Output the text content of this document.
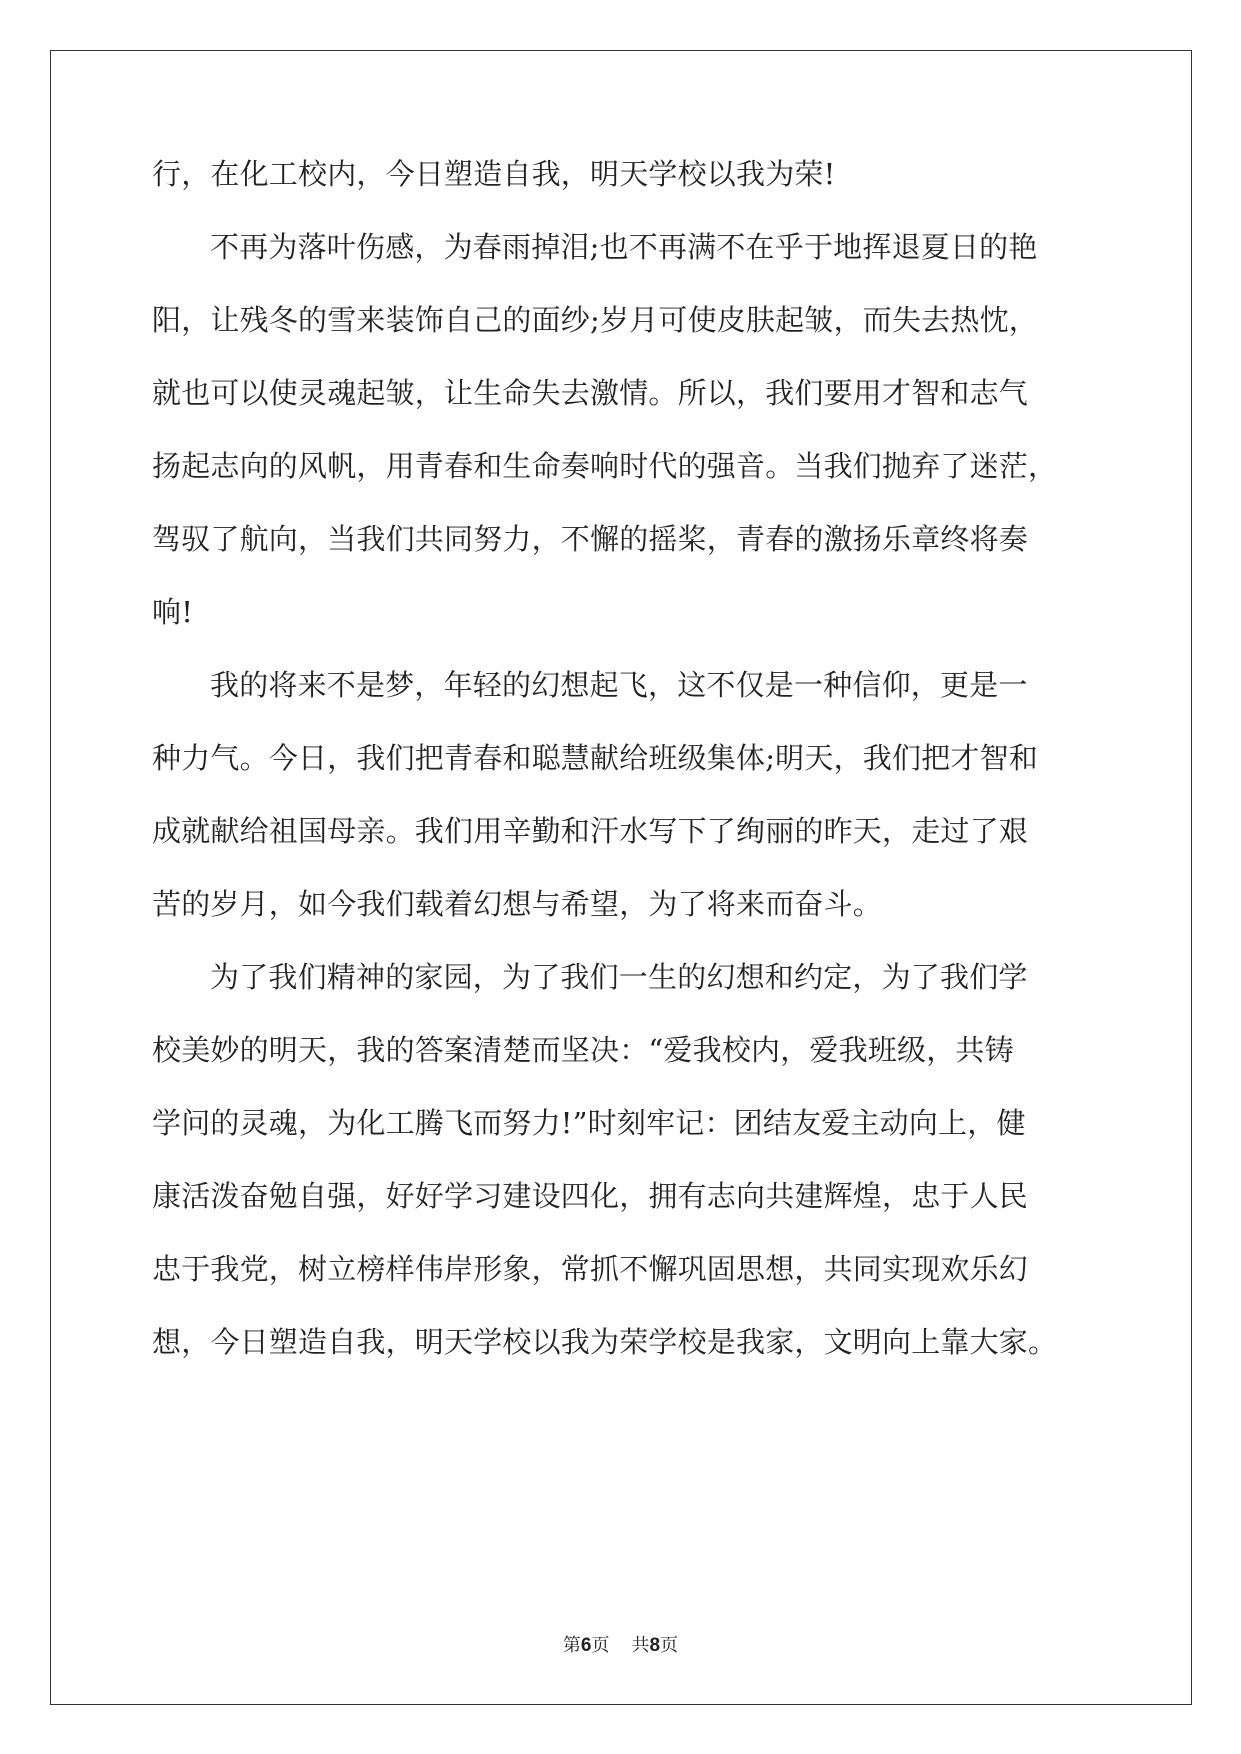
行，在化工校内，今日塑造自我，明天学校以我为荣!
不再为落叶伤感，为春雨掉泪;也不再满不在乎于地挥退夏日的艳
阳，让残冬的雪来装饰自己的面纱;岁月可使皮肤起皱，而失去热忱，
就也可以使灵魂起皱，让生命失去激情。所以，我们要用才智和志气
扬起志向的风帆，用青春和生命奏响时代的强音。当我们抛弃了迷茫，
驾驭了航向，当我们共同努力，不懈的摇桨，青春的激扬乐章终将奏
响!
我的将来不是梦，年轻的幻想起飞，这不仅是一种信仰，更是一
种力气。今日，我们把青春和聪慧献给班级集体;明天，我们把才智和
成就献给祖国母亲。我们用辛勤和汗水写下了绚丽的昨天，走过了艰
苦的岁月，如今我们载着幻想与希望，为了将来而奋斗。
为了我们精神的家园，为了我们一生的幻想和约定，为了我们学
校美妙的明天，我的答案清楚而坚决：“爱我校内，爱我班级，共铸
学问的灵魂，为化工腾飞而努力!”时刻牢记：团结友爱主动向上，健
康活泼奋勉自强，好好学习建设四化，拥有志向共建辉煌，忠于人民
忠于我党，树立榜样伟岸形象，常抓不懈巩固思想，共同实现欢乐幻
想，今日塑造自我，明天学校以我为荣学校是我家，文明向上靠大家。
第6页 共8页
